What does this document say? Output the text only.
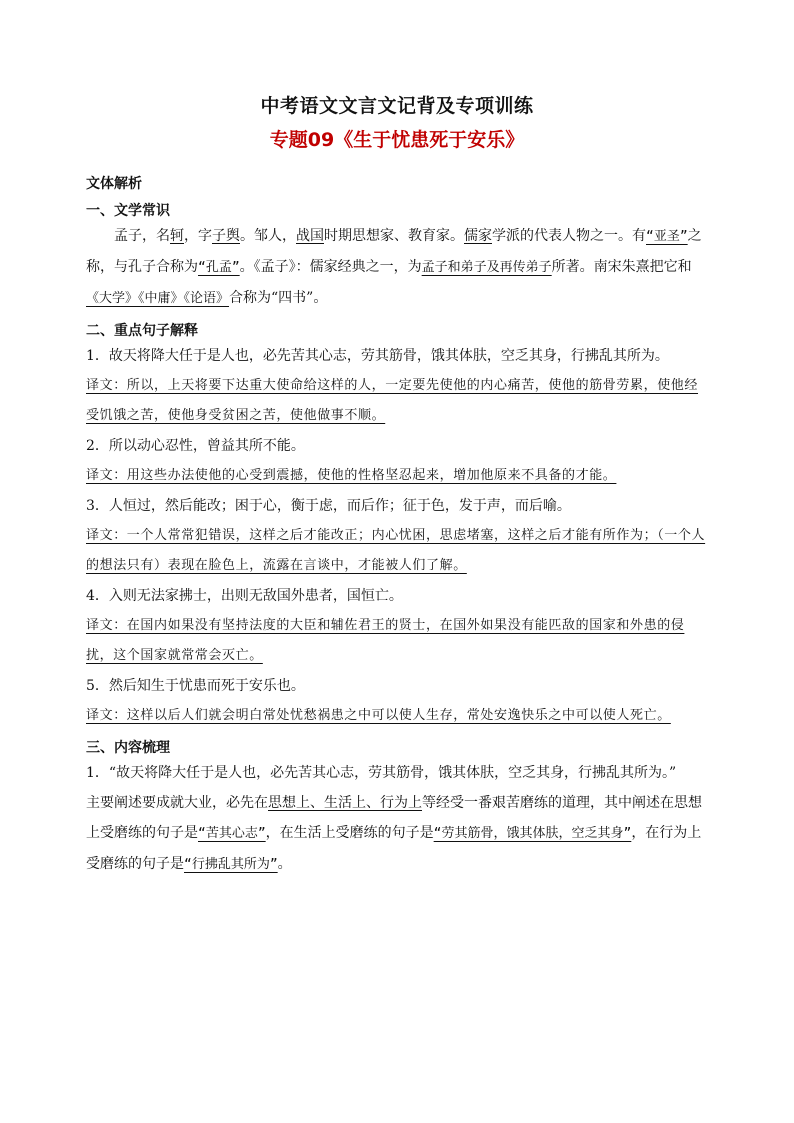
中考语文文言文记背及专项训练
专题09《生于忧患死于安乐》
文体解析
一、文学常识

孟子，名轲，字子舆。邹人，战国时期思想家、教育家。儒家学派的代表人物之一。有“亚圣”之称，与孔子合称为“孔孟”。《孟子》：儒家经典之一，为孟子和弟子及再传弟子所著。南宋朱熹把它和《大学》《中庸》《论语》合称为“四书”。

二、重点句子解释

1．故天将降大任于是人也，必先苦其心志，劳其筋骨，饿其体肤，空乏其身，行拂乱其所为。

译文：所以，上天将要下达重大使命给这样的人，一定要先使他的内心痛苦，使他的筋骨劳累，使他经受饥饿之苦，使他身受贫困之苦，使他做事不顺。

2．所以动心忍性，曾益其所不能。

译文：用这些办法使他的心受到震撼，使他的性格坚忍起来，增加他原来不具备的才能。

3．人恒过，然后能改；困于心，衡于虑，而后作；征于色，发于声，而后喻。

译文：一个人常常犯错误，这样之后才能改正；内心忧困，思虑堵塞，这样之后才能有所作为；（一个人的想法只有）表现在脸色上，流露在言谈中，才能被人们了解。

4．入则无法家拂士，出则无敌国外患者，国恒亡。

译文：在国内如果没有坚持法度的大臣和辅佐君王的贤士，在国外如果没有能匹敌的国家和外患的侵扰，这个国家就常常会灭亡。

5．然后知生于忧患而死于安乐也。

译文：这样以后人们就会明白常处忧愁祸患之中可以使人生存，常处安逸快乐之中可以使人死亡。

三、内容梳理

1．“故天将降大任于是人也，必先苦其心志，劳其筋骨，饿其体肤，空乏其身，行拂乱其所为。”

主要阐述要成就大业，必先在思想上、生活上、行为上等经受一番艰苦磨练的道理，其中阐述在思想上受磨练的句子是“苦其心志”，在生活上受磨练的句子是“劳其筋骨，饿其体肤，空乏其身”，在行为上受磨练的句子是“行拂乱其所为”。
